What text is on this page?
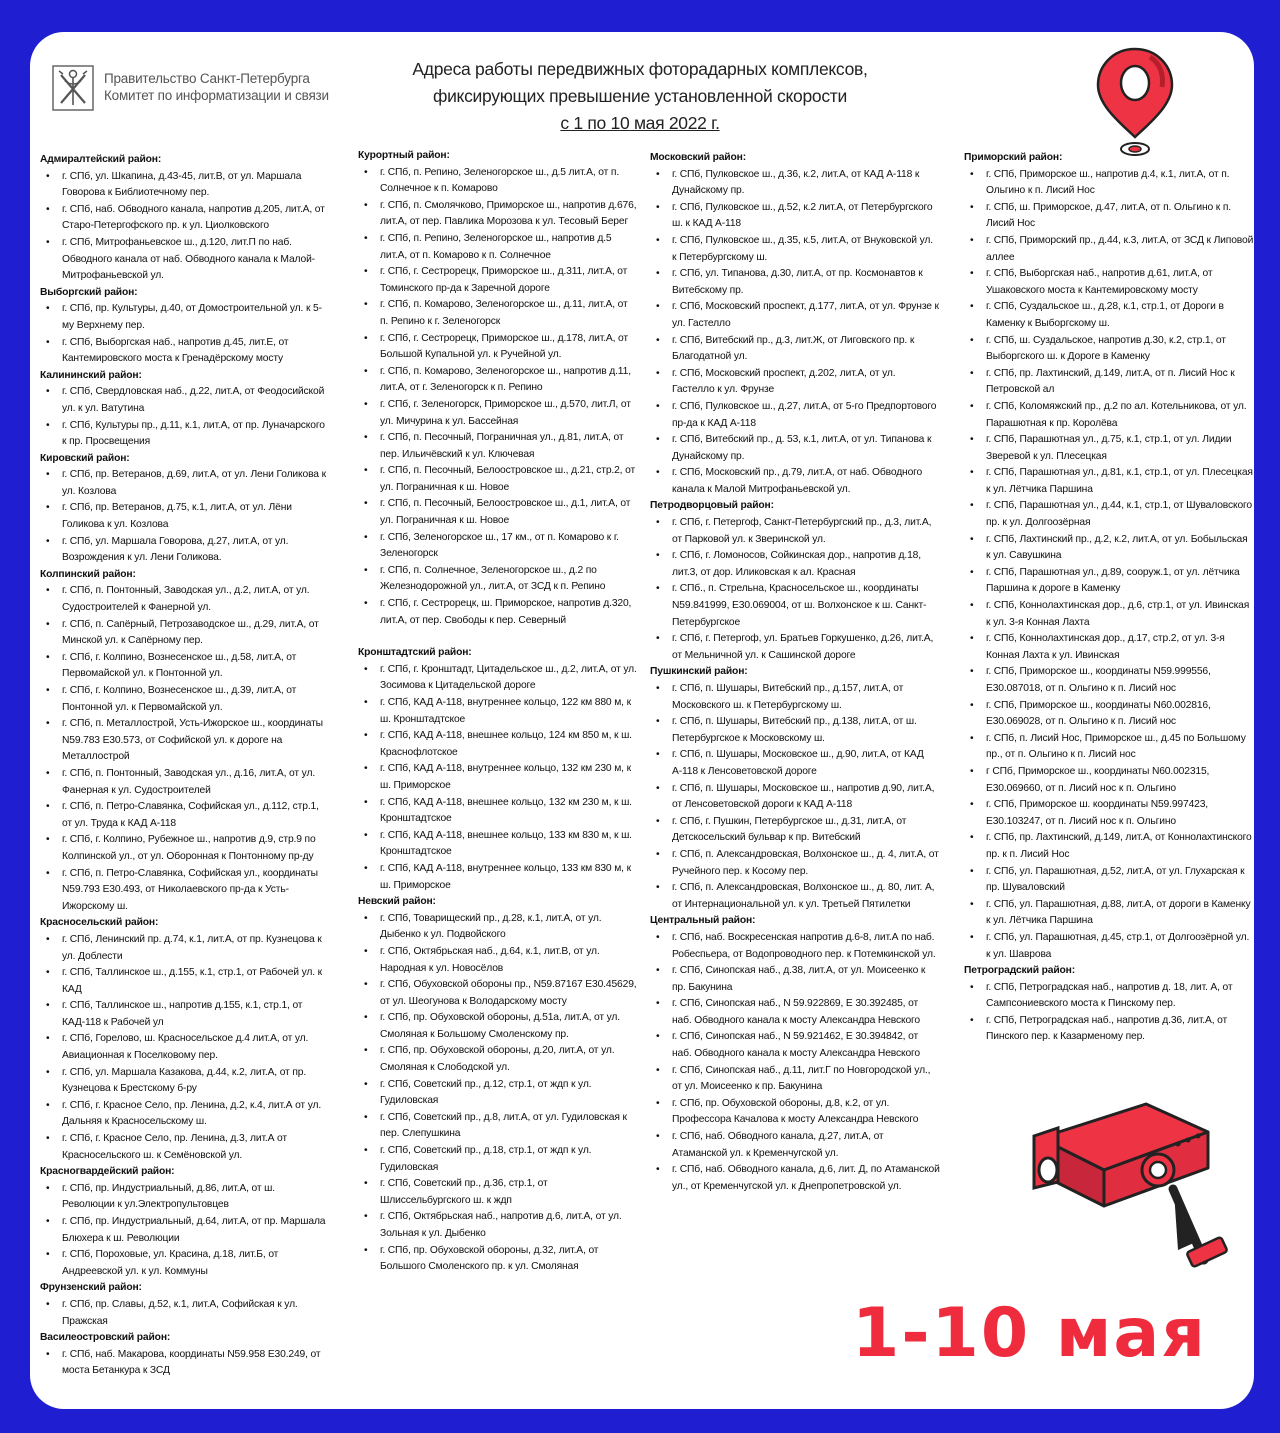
Правительство Санкт-Петербурга
Комитет по информатизации и связи
Адреса работы передвижных фоторадарных комплексов,
фиксирующих превышение установленной скорости
с 1 по 10 мая 2022 г.
Адмиралтейский район:
• г. СПб, ул. Шкапина, д.43-45, лит.В, от ул. Маршала Говорова к Библиотечному пер.
• г. СПб, наб. Обводного канала, напротив д.205, лит.А, от Старо-Петергофского пр. к ул. Циолковского
• г. СПб, Митрофаньевское ш., д.120, лит.П по наб. Обводного канала от наб. Обводного канала к Малой-Митрофаньевской ул.
Выборгский район:
• г. СПб, пр. Культуры, д.40, от Домостроительной ул. к 5-му Верхнему пер.
• г. СПб, Выборгская наб., напротив д.45, лит.Е, от Кантемировского моста к Гренадёрскому мосту
Калининский район:
• г. СПб, Свердловская наб., д.22, лит.А, от Феодосийской ул. к ул. Ватутина
• г. СПб, Культуры пр., д.11, к.1, лит.А, от пр. Луначарского к пр. Просвещения
Кировский район:
• г. СПб, пр. Ветеранов, д.69, лит.А, от ул. Лени Голикова к ул. Козлова
• г. СПб, пр. Ветеранов, д.75, к.1, лит.А, от ул. Лёни Голикова к ул. Козлова
• г. СПб, ул. Маршала Говорова, д.27, лит.А, от ул. Возрождения к ул. Лени Голикова.
Колпинский район:
• г. СПб, п. Понтонный, Заводская ул., д.2, лит.А, от ул. Судостроителей к Фанерной ул.
• г. СПб, п. Сапёрный, Петрозаводское ш., д.29, лит.А, от Минской ул. к Сапёрному пер.
• г. СПб, г. Колпино, Вознесенское ш., д.58, лит.А, от Первомайской ул. к Понтонной ул.
• г. СПб, г. Колпино, Вознесенское ш., д.39, лит.А, от Понтонной ул. к Первомайской ул.
• г. СПб, п. Металлострой, Усть-Ижорское ш., координаты N59.783 E30.573, от Софийской ул. к дороге на Металлострой
• г. СПб, п. Понтонный, Заводская ул., д.16, лит.А, от ул. Фанерная к ул. Судостроителей
• г. СПб, п. Петро-Славянка, Софийская ул., д.112, стр.1, от ул. Труда к КАД А-118
• г. СПб, г. Колпино, Рубежное ш., напротив д.9, стр.9 по Колпинской ул., от ул. Оборонная к Понтонному пр-ду
• г. СПб, п. Петро-Славянка, Софийская ул., координаты N59.793 E30.493, от Николаевского пр-да к Усть-Ижорскому ш.
Красносельский район:
• г. СПб, Ленинский пр. д.74, к.1, лит.А, от пр. Кузнецова к ул. Доблести
• г. СПб, Таллинское ш., д.155, к.1, стр.1, от Рабочей ул. к КАД
• г. СПб, Таллинское ш., напротив д.155, к.1, стр.1, от КАД-118 к Рабочей ул
• г. СПб, Горелово, ш. Красносельское д.4 лит.А, от ул. Авиационная к Поселковому пер.
• г. СПб, ул. Маршала Казакова, д.44, к.2, лит.А, от пр. Кузнецова к Брестскому б-ру
• г. СПб, г. Красное Село, пр. Ленина, д.2, к.4, лит.А от ул. Дальняя к Красносельскому ш.
• г. СПб, г. Красное Село, пр. Ленина, д.3, лит.А от Красносельского ш. к Семёновской ул.
Красногвардейский район:
• г. СПб, пр. Индустриальный, д.86, лит.А, от ш. Революции к ул.Электропультовцев
• г. СПб, пр. Индустриальный, д.64, лит.А, от пр. Маршала Блюхера к ш. Революции
• г. СПб, Пороховые, ул. Красина, д.18, лит.Б, от Андреевской ул. к ул. Коммуны
Фрунзенский район:
• г. СПб, пр. Славы, д.52, к.1, лит.А, Софийская к ул. Пражская
Василеостровский район:
• г. СПб, наб. Макарова, координаты N59.958 E30.249, от моста Бетанкура к ЗСД
Курортный район:
• г. СПб, п. Репино, Зеленогорское ш., д.5 лит.А, от п. Солнечное к п. Комарово
• г. СПб, п. Смолячково, Приморское ш., напротив д.676, лит.А, от пер. Павлика Морозова к ул. Тесовый Берег
• г. СПб, п. Репино, Зеленогорское ш., напротив д.5 лит.А, от п. Комарово к п. Солнечное
• г. СПб, г. Сестрорецк, Приморское ш., д.311, лит.А, от Томинского пр-да к Заречной дороге
• г. СПб, п. Комарово, Зеленогорское ш., д.11, лит.А, от п. Репино к г. Зеленогорск
• г. СПб, г. Сестрорецк, Приморское ш., д.178, лит.А, от Большой Купальной ул. к Ручейной ул.
• г. СПб, п. Комарово, Зеленогорское ш., напротив д.11, лит.А, от г. Зеленогорск к п. Репино
• г. СПб, г. Зеленогорск, Приморское ш., д.570, лит.Л, от ул. Мичурина к ул. Бассейная
• г. СПб, п. Песочный, Пограничная ул., д.81, лит.А, от пер. Ильичёвский к ул. Ключевая
• г. СПб, п. Песочный, Белоостровское ш., д.21, стр.2, от ул. Пограничная к ш. Новое
• г. СПб, п. Песочный, Белоостровское ш., д.1, лит.А, от ул. Пограничная к ш. Новое
• г. СПб, Зеленогорское ш., 17 км., от п. Комарово к г. Зеленогорск
• г. СПб, п. Солнечное, Зеленогорское ш., д.2 по Железнодорожной ул., лит.А, от ЗСД к п. Репино
• г. СПб, г. Сестрорецк, ш. Приморское, напротив д.320, лит.А, от пер. Свободы к пер. Северный
Кронштадтский район:
• г. СПб, г. Кронштадт, Цитадельское ш., д.2, лит.А, от ул. Зосимова к Цитадельской дороге
• г. СПб, КАД А-118, внутреннее кольцо, 122 км 880 м, к ш. Кронштадтское
• г. СПб, КАД А-118, внешнее кольцо, 124 км 850 м, к ш. Краснофлотское
• г. СПб, КАД А-118, внутреннее кольцо, 132 км 230 м, к ш. Приморское
• г. СПб, КАД А-118, внешнее кольцо, 132 км 230 м, к ш. Кронштадтское
• г. СПб, КАД А-118, внешнее кольцо, 133 км 830 м, к ш. Кронштадтское
• г. СПб, КАД А-118, внутреннее кольцо, 133 км 830 м, к ш. Приморское
Невский район:
• г. СПб, Товарищеский пр., д.28, к.1, лит.А, от ул. Дыбенко к ул. Подвойского
• г. СПб, Октябрьская наб., д.64, к.1, лит.В, от ул. Народная к ул. Новосёлов
• г. СПб, Обуховской обороны пр., N59.87167 E30.45629, от ул. Шеогунова к Володарскому мосту
• г. СПб, пр. Обуховской обороны, д.51а, лит.А, от ул. Смоляная к Большому Смоленскому пр.
• г. СПб, пр. Обуховской обороны, д.20, лит.А, от ул. Смоляная к Слободской ул.
• г. СПб, Советский пр., д.12, стр.1, от ждп к ул. Гудиловская
• г. СПб, Советский пр., д.8, лит.А, от ул. Гудиловская к пер. Слепушкина
• г. СПб, Советский пр., д.18, стр.1, от ждп к ул. Гудиловская
• г. СПб, Советский пр., д.36, стр.1, от Шлиссельбургского ш. к ждп
• г. СПб, Октябрьская наб., напротив д.6, лит.А, от ул. Зольная к ул. Дыбенко
• г. СПб, пр. Обуховской обороны, д.32, лит.А, от Большого Смоленского пр. к ул. Смоляная
Московский район:
• г. СПб, Пулковское ш., д.36, к.2, лит.А, от КАД А-118 к Дунайскому пр.
• г. СПб, Пулковское ш., д.52, к.2 лит.А, от Петербургского ш. к КАД А-118
• г. СПб, Пулковское ш., д.35, к.5, лит.А, от Внуковской ул. к Петербургскому ш.
• г. СПб, ул. Типанова, д.30, лит.А, от пр. Космонавтов к Витебскому пр.
• г. СПб, Московский проспект, д.177, лит.А, от ул. Фрунзе к ул. Гастелло
• г. СПб, Витебский пр., д.3, лит.Ж, от Лиговского пр. к Благодатной ул.
• г. СПб, Московский проспект, д.202, лит.А, от ул. Гастелло к ул. Фрунзе
• г. СПб, Пулковское ш., д.27, лит.А, от 5-го Предпортового пр-да к КАД А-118
• г. СПб, Витебский пр., д. 53, к.1, лит.А, от ул. Типанова к Дунайскому пр.
• г. СПб, Московский пр., д.79, лит.А, от наб. Обводного канала к Малой Митрофаньевской ул.
Петродворцовый район:
• г. СПб, г. Петергоф, Санкт-Петербургский пр., д.3, лит.А, от Парковой ул. к Зверинской ул.
• г. СПб, г. Ломоносов, Сойкинская дор., напротив д.18, лит.3, от дор. Иликовская к ал. Красная
• г. СПб., п. Стрельна, Красносельское ш., координаты N59.841999, E30.069004, от ш. Волхонское к ш. Санкт-Петербургское
• г. СПб, г. Петергоф, ул. Братьев Горкушенко, д.26, лит.А, от Мельничной ул. к Сашинской дороге
Пушкинский район:
• г. СПб, п. Шушары, Витебский пр., д.157, лит.А, от Московского ш. к Петербургскому ш.
• г. СПб, п. Шушары, Витебский пр., д.138, лит.А, от ш. Петербургское к Московскому ш.
• г. СПб, п. Шушары, Московское ш., д.90, лит.А, от КАД А-118 к Ленсоветовской дороге
• г. СПб, п. Шушары, Московское ш., напротив д.90, лит.А, от Ленсоветовской дороги к КАД А-118
• г. СПб, г. Пушкин, Петербургское ш., д.31, лит.А, от Детскосельский бульвар к пр. Витебский
• г. СПб, п. Александровская, Волхонское ш., д. 4, лит.А, от Ручейного пер. к Косому пер.
• г. СПб, п. Александровская, Волхонское ш., д. 80, лит. А, от Интернациональной ул. к ул. Третьей Пятилетки
Центральный район:
• г. СПб, наб. Воскресенская напротив д.6-8, лит.А по наб. Робеспьера, от Водопроводного пер. к Потемкинской ул.
• г. СПб, Синопская наб., д.38, лит.А, от ул. Моисеенко к пр. Бакунина
• г. СПб, Синопская наб., N 59.922869, E 30.392485, от наб. Обводного канала к мосту Александра Невского
• г. СПб, Синопская наб., N 59.921462, E 30.394842, от наб. Обводного канала к мосту Александра Невского
• г. СПб, Синопская наб., д.11, лит.Г по Новгородской ул., от ул. Моисеенко к пр. Бакунина
• г. СПб, пр. Обуховской обороны, д.8, к.2, от ул. Профессора Качалова к мосту Александра Невского
• г. СПб, наб. Обводного канала, д.27, лит.А, от Атаманской ул. к Кременчугской ул.
• г. СПб, наб. Обводного канала, д.6, лит. Д, по Атаманской ул., от Кременчугской ул. к Днепропетровской ул.
Приморский район:
• г. СПб, Приморское ш., напротив д.4, к.1, лит.А, от п. Ольгино к п. Лисий Нос
• г. СПб, ш. Приморское, д.47, лит.А, от п. Ольгино к п. Лисий Нос
• г. СПб, Приморский пр., д.44, к.3, лит.А, от ЗСД к Липовой аллее
• г. СПб, Выборгская наб., напротив д.61, лит.А, от Ушаковского моста к Кантемировскому мосту
• г. СПб, Суздальское ш., д.28, к.1, стр.1, от Дороги в Каменку к Выборгскому ш.
• г. СПб, ш. Суздальское, напротив д.30, к.2, стр.1, от Выборгского ш. к Дороге в Каменку
• г. СПб, пр. Лахтинский, д.149, лит.А, от п. Лисий Нос к Петровской ал
• г. СПб, Коломяжский пр., д.2 по ал. Котельникова, от ул. Парашютная к пр. Королёва
• г. СПб, Парашютная ул., д.75, к.1, стр.1, от ул. Лидии Зверевой к ул. Плесецкая
• г. СПб, Парашютная ул., д.81, к.1, стр.1, от ул. Плесецкая к ул. Лётчика Паршина
• г. СПб, Парашютная ул., д.44, к.1, стр.1, от Шуваловского пр. к ул. Долгоозёрная
• г. СПб, Лахтинский пр., д.2, к.2, лит.А, от ул. Бобыльская к ул. Савушкина
• г. СПб, Парашютная ул., д.89, сооруж.1, от ул. лётчика Паршина к дороге в Каменку
• г. СПб, Коннолахтинская дор., д.6, стр.1, от ул. Ивинская к ул. 3-я Конная Лахта
• г. СПб, Коннолахтинская дор., д.17, стр.2, от ул. 3-я Конная Лахта к ул. Ивинская
• г. СПб, Приморское ш., координаты N59.999556, E30.087018, от п. Ольгино к п. Лисий нос
• г. СПб, Приморское ш., координаты N60.002816, E30.069028, от п. Ольгино к п. Лисий нос
• г. СПб, п. Лисий Нос, Приморское ш., д.45 по Большому пр., от п. Ольгино к п. Лисий нос
• г СПб, Приморское ш., координаты N60.002315, E30.069660, от п. Лисий нос к п. Ольгино
• г. СПб, Приморское ш. координаты N59.997423, E30.103247, от п. Лисий нос к п. Ольгино
• г. СПб, пр. Лахтинский, д.149, лит.А, от Коннолахтинского пр. к п. Лисий Нос
• г. СПб, ул. Парашютная, д.52, лит.А, от ул. Глухарская к пр. Шуваловский
• г. СПб, ул. Парашютная, д.88, лит.А, от дороги в Каменку к ул. Лётчика Паршина
• г. СПб, ул. Парашютная, д.45, стр.1, от Долгоозёрной ул. к ул. Шаврова
Петроградский район:
• г. СПб, Петроградская наб., напротив д. 18, лит. А, от Сампсониевского моста к Пинскому пер.
• г. СПб, Петроградская наб., напротив д.36, лит.А, от Пинского пер. к Казарменому пер.
1-10 мая
